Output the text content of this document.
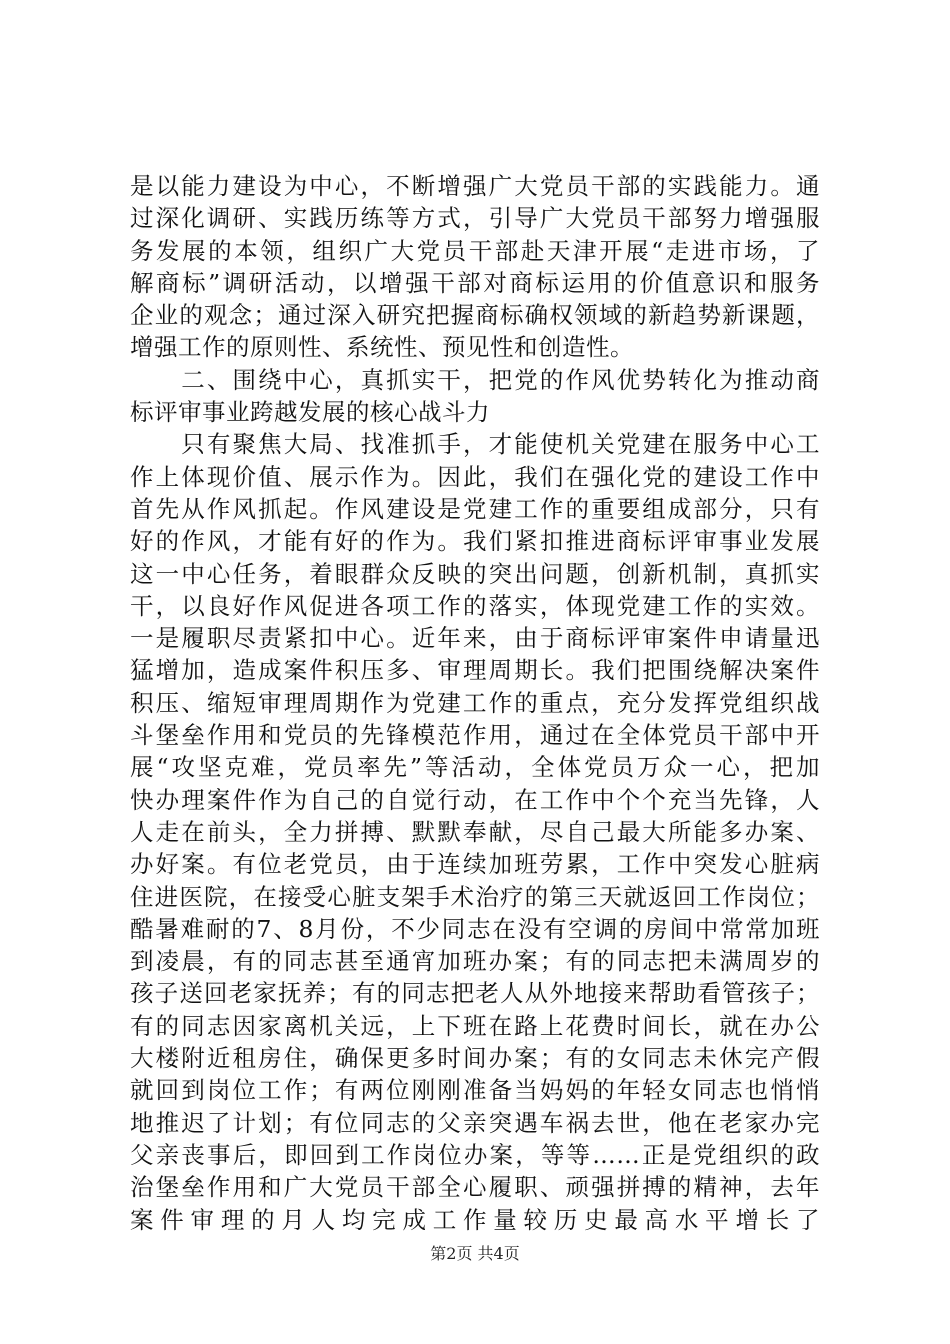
是以能力建设为中心，不断增强广大党员干部的实践能力。通
过深化调研、实践历练等方式，引导广大党员干部努力增强服
务发展的本领，组织广大党员干部赴天津开展“走进市场，了
解商标”调研活动，以增强干部对商标运用的价值意识和服务
企业的观念；通过深入研究把握商标确权领域的新趋势新课题，
增强工作的原则性、系统性、预见性和创造性。
　　二、围绕中心，真抓实干，把党的作风优势转化为推动商
标评审事业跨越发展的核心战斗力
　　只有聚焦大局、找准抓手，才能使机关党建在服务中心工
作上体现价值、展示作为。因此，我们在强化党的建设工作中
首先从作风抓起。作风建设是党建工作的重要组成部分，只有
好的作风，才能有好的作为。我们紧扣推进商标评审事业发展
这一中心任务，着眼群众反映的突出问题，创新机制，真抓实
干，以良好作风促进各项工作的落实，体现党建工作的实效。
一是履职尽责紧扣中心。近年来，由于商标评审案件申请量迅
猛增加，造成案件积压多、审理周期长。我们把围绕解决案件
积压、缩短审理周期作为党建工作的重点，充分发挥党组织战
斗堡垒作用和党员的先锋模范作用，通过在全体党员干部中开
展“攻坚克难，党员率先”等活动，全体党员万众一心，把加
快办理案件作为自己的自觉行动，在工作中个个充当先锋，人
人走在前头，全力拼搏、默默奉献，尽自己最大所能多办案、
办好案。有位老党员，由于连续加班劳累，工作中突发心脏病
住进医院，在接受心脏支架手术治疗的第三天就返回工作岗位；
酷暑难耐的7、8月份，不少同志在没有空调的房间中常常加班
到凌晨，有的同志甚至通宵加班办案；有的同志把未满周岁的
孩子送回老家抚养；有的同志把老人从外地接来帮助看管孩子；
有的同志因家离机关远，上下班在路上花费时间长，就在办公
大楼附近租房住，确保更多时间办案；有的女同志未休完产假
就回到岗位工作；有两位刚刚准备当妈妈的年轻女同志也悄悄
地推迟了计划；有位同志的父亲突遇车祸去世，他在老家办完
父亲丧事后，即回到工作岗位办案，等等……正是党组织的政
治堡垒作用和广大党员干部全心履职、顽强拼搏的精神，去年
案件审理的月人均完成工作量较历史最高水平增长了
第2页 共4页
